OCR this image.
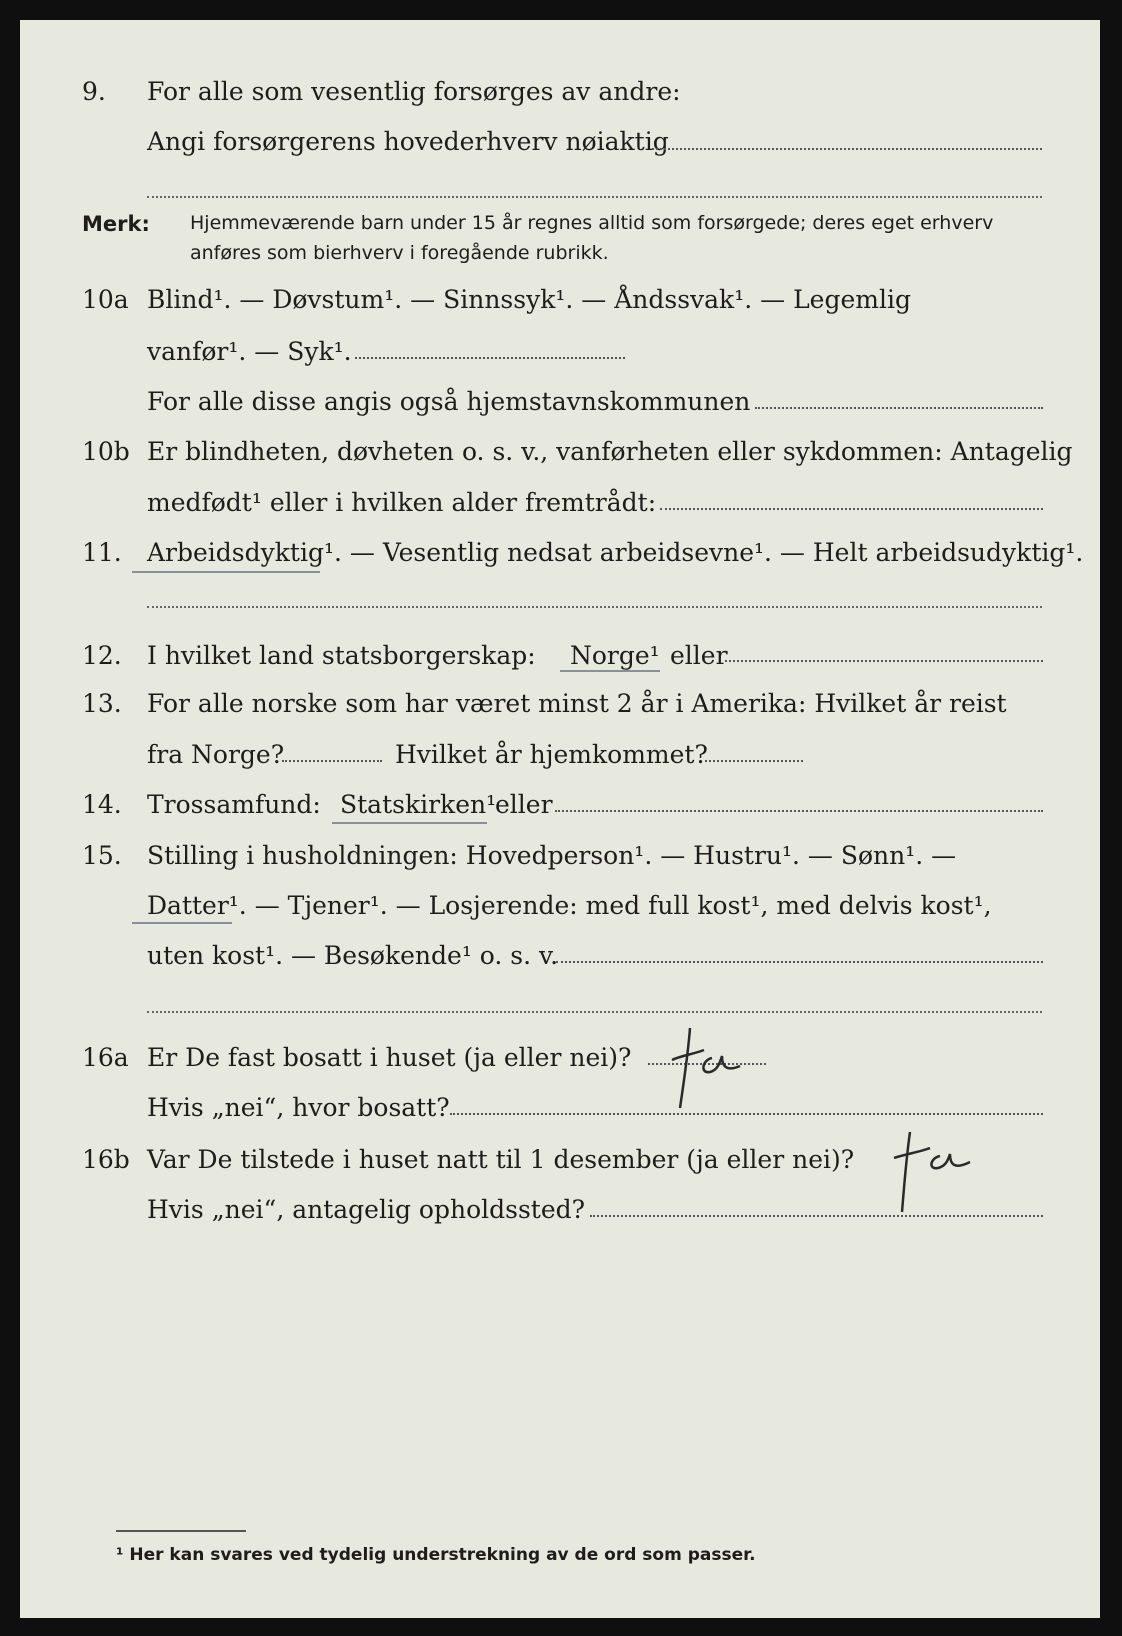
9.	For alle som vesentlig forsørges av andre:
Angi forsørgerens hovederhverv nøiaktig
Merk: Hjemmeværende barn under 15 år regnes alltid som forsørgede; deres eget erhverv
anføres som bierhverv i foregående rubrikk.
10a Blind¹. — Døvstum¹. — Sinnssyk¹. — Åndssvak¹. — Legemlig
vanfør¹. — Syk¹.
For alle disse angis også hjemstavnskommunen
10b Er blindheten, døvheten o. s. v., vanførheten eller sykdommen: Antagelig
medfødt¹ eller i hvilken alder fremtrådt:
11.	Arbeidsdyktig¹. — Vesentlig nedsat arbeidsevne¹. — Helt arbeidsudyktig¹.
12.	I hvilket land statsborgerskap: Norge¹ eller
13.	For alle norske som har været minst 2 år i Amerika: Hvilket år reist
fra Norge?	Hvilket år hjemkommet?
14.	Trossamfund: Statskirken¹
eller
15.	Stilling i husholdningen: Hovedperson¹. — Hustru¹. — Sønn¹. —
Datter¹. — Tjener¹. — Losjerende: med full kost¹, med delvis kost¹,
uten kost¹. — Besøkende¹ o. s. v.
16a Er De fast bosatt i huset (ja eller nei)?
Hvis „nei“, hvor bosatt?
16b Var De tilstede i huset natt til 1 desember (ja eller nei)?
Hvis „nei“, antagelig opholdssted?
¹ Her kan svares ved tydelig understrekning av de ord som passer.
